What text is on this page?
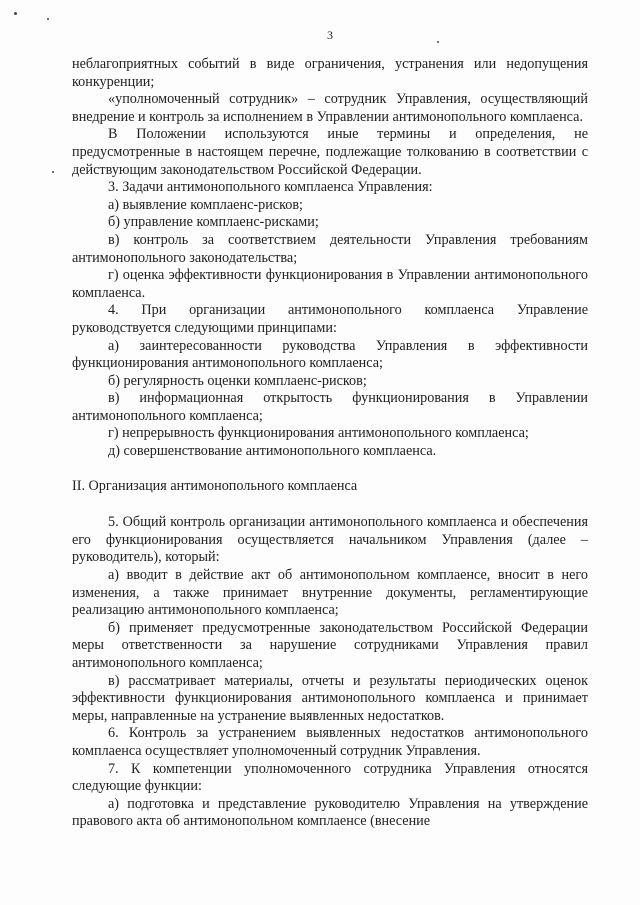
3

неблагоприятных событий в виде ограничения, устранения или недопущения конкуренции;

«уполномоченный сотрудник» – сотрудник Управления, осуществляющий внедрение и контроль за исполнением в Управлении антимонопольного комплаенса.

В Положении используются иные термины и определения, не предусмотренные в настоящем перечне, подлежащие толкованию в соответствии с действующим законодательством Российской Федерации.

3. Задачи антимонопольного комплаенса Управления:

а) выявление комплаенс-рисков;

б) управление комплаенс-рисками;

в) контроль за соответствием деятельности Управления требованиям антимонопольного законодательства;

г) оценка эффективности функционирования в Управлении антимонопольного комплаенса.

4. При организации антимонопольного комплаенса Управление руководствуется следующими принципами:

а) заинтересованности руководства Управления в эффективности функционирования антимонопольного комплаенса;

б) регулярность оценки комплаенс-рисков;

в) информационная открытость функционирования в Управлении антимонопольного комплаенса;

г) непрерывность функционирования антимонопольного комплаенса;

д) совершенствование антимонопольного комплаенса.

II. Организация антимонопольного комплаенса

5. Общий контроль организации антимонопольного комплаенса и обеспечения его функционирования осуществляется начальником Управления (далее – руководитель), который:

а) вводит в действие акт об антимонопольном комплаенсе, вносит в него изменения, а также принимает внутренние документы, регламентирующие реализацию антимонопольного комплаенса;

б) применяет предусмотренные законодательством Российской Федерации меры ответственности за нарушение сотрудниками Управления правил антимонопольного комплаенса;

в) рассматривает материалы, отчеты и результаты периодических оценок эффективности функционирования антимонопольного комплаенса и принимает меры, направленные на устранение выявленных недостатков.

6. Контроль за устранением выявленных недостатков антимонопольного комплаенса осуществляет уполномоченный сотрудник Управления.

7. К компетенции уполномоченного сотрудника Управления относятся следующие функции:

а) подготовка и представление руководителю Управления на утверждение правового акта об антимонопольном комплаенсе (внесение
